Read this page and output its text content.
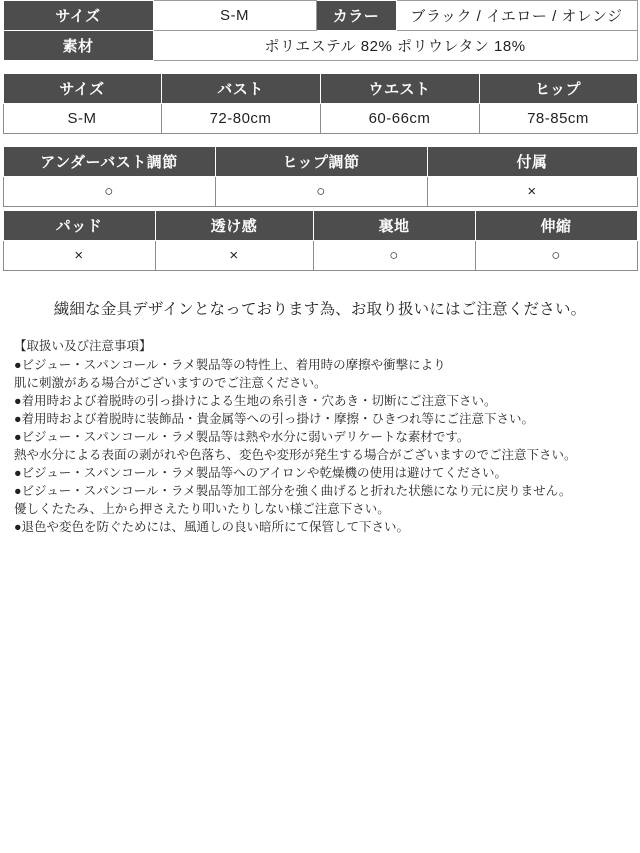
サイズ	S‐M	カラー	ブラック / イエロー / オレンジ
素材	ポリエステル 82% ポリウレタン 18%		
サイズ	バスト	ウエスト	ヒップ
S‐M	72-80cm	60-66cm	78-85cm
アンダーバスト調節	ヒップ調節	付属
○	○	×
パッド	透け感	裏地	伸縮
×	×	○	○
繊細な金具デザインとなっております為、お取り扱いにはご注意ください。
【取扱い及び注意事項】
●ビジュー・スパンコール・ラメ製品等の特性上、着用時の摩擦や衝撃により
肌に刺激がある場合がございますのでご注意ください。
●着用時および着脱時の引っ掛けによる生地の糸引き・穴あき・切断にご注意下さい。
●着用時および着脱時に装飾品・貴金属等への引っ掛け・摩擦・ひきつれ等にご注意下さい。
●ビジュー・スパンコール・ラメ製品等は熱や水分に弱いデリケートな素材です。
熱や水分による表面の剥がれや色落ち、変色や変形が発生する場合がございますのでご注意下さい。
●ビジュー・スパンコール・ラメ製品等へのアイロンや乾燥機の使用は避けてください。
●ビジュー・スパンコール・ラメ製品等加工部分を強く曲げると折れた状態になり元に戻りません。
優しくたたみ、上から押さえたり叩いたりしない様ご注意下さい。
●退色や変色を防ぐためには、風通しの良い暗所にて保管して下さい。
